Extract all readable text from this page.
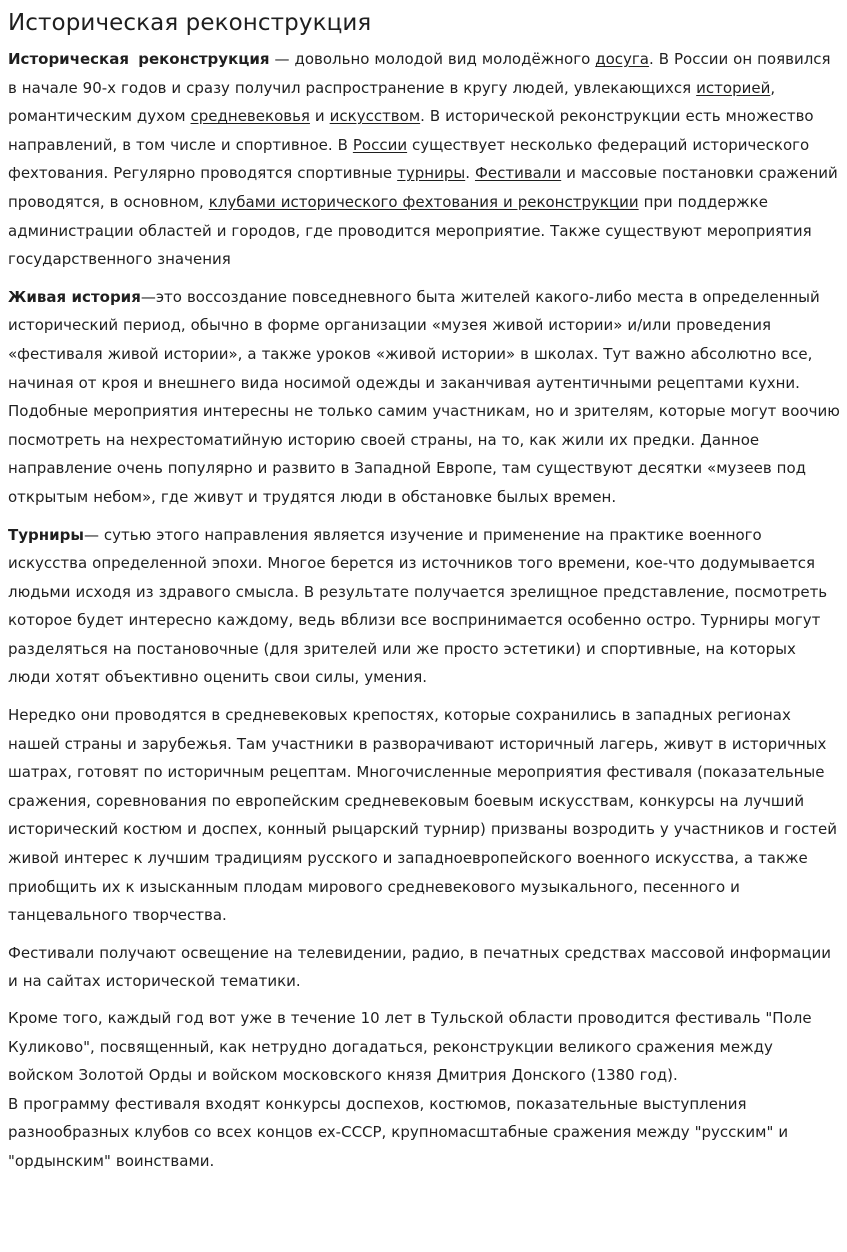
Историческая реконструкция

Историческая реконструкция — довольно молодой вид молодёжного досуга. В России он появился в начале 90-х годов и сразу получил распространение в кругу людей, увлекающихся историей, романтическим духом средневековья и искусством. В исторической реконструкции есть множество направлений, в том числе и спортивное. В России существует несколько федераций исторического фехтования. Регулярно проводятся спортивные турниры. Фестивали и массовые постановки сражений проводятся, в основном, клубами исторического фехтования и реконструкции при поддержке администрации областей и городов, где проводится мероприятие. Также существуют мероприятия государственного значения

Живая история—это воссоздание повседневного быта жителей какого-либо места в определенный исторический период, обычно в форме организации «музея живой истории» и/или проведения «фестиваля живой истории», а также уроков «живой истории» в школах. Тут важно абсолютно все, начиная от кроя и внешнего вида носимой одежды и заканчивая аутентичными рецептами кухни. Подобные мероприятия интересны не только самим участникам, но и зрителям, которые могут воочию посмотреть на нехрестоматийную историю своей страны, на то, как жили их предки. Данное направление очень популярно и развито в Западной Европе, там существуют десятки «музеев под открытым небом», где живут и трудятся люди в обстановке былых времен.

Турниры— сутью этого направления является изучение и применение на практике военного искусства определенной эпохи. Многое берется из источников того времени, кое-что додумывается людьми исходя из здравого смысла. В результате получается зрелищное представление, посмотреть которое будет интересно каждому, ведь вблизи все воспринимается особенно остро. Турниры могут разделяться на постановочные (для зрителей или же просто эстетики) и спортивные, на которых люди хотят объективно оценить свои силы, умения.

Нередко они проводятся в средневековых крепостях, которые сохранились в западных регионах нашей страны и зарубежья. Там участники в разворачивают историчный лагерь, живут в историчных шатрах, готовят по историчным рецептам. Многочисленные мероприятия фестиваля (показательные сражения, соревнования по европейским средневековым боевым искусствам, конкурсы на лучший исторический костюм и доспех, конный рыцарский турнир) призваны возродить у участников и гостей живой интерес к лучшим традициям русского и западноевропейского военного искусства, а также приобщить их к изысканным плодам мирового средневекового музыкального, песенного и танцевального творчества.

Фестивали получают освещение на телевидении, радио, в печатных средствах массовой информации и на сайтах исторической тематики.

Кроме того, каждый год вот уже в течение 10 лет в Тульской области проводится фестиваль "Поле Куликово", посвященный, как нетрудно догадаться, реконструкции великого сражения между войском Золотой Орды и войском московского князя Дмитрия Донского (1380 год).
В программу фестиваля входят конкурсы доспехов, костюмов, показательные выступления разнообразных клубов со всех концов ex-СССР, крупномасштабные сражения между "русским" и "ордынским" воинствами.
